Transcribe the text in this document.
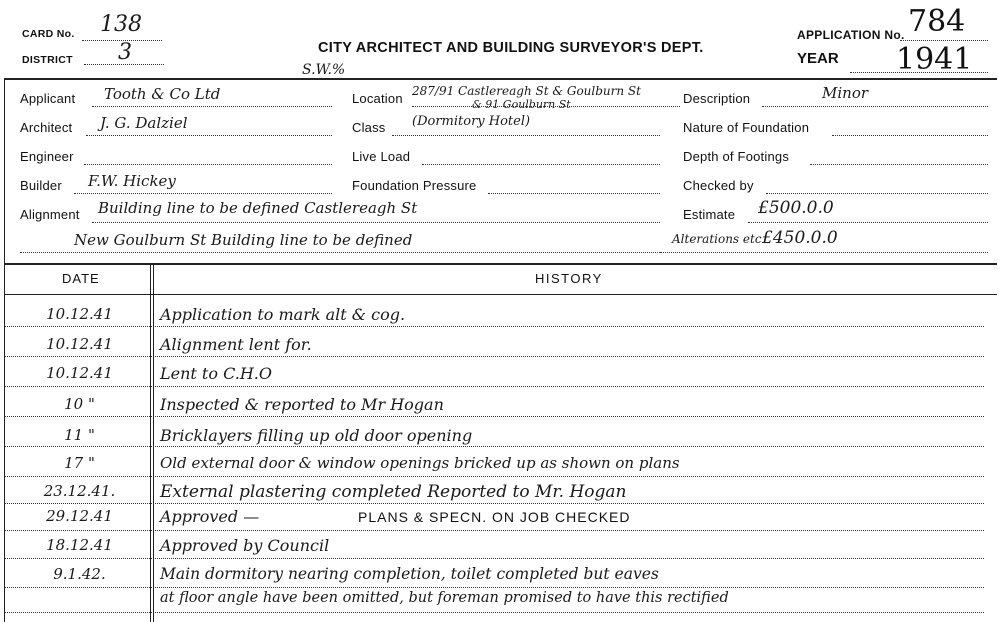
CARD No. 138
DISTRICT 3	CITY ARCHITECT AND BUILDING SURVEYOR'S DEPT.
S.W.%
APPLICATION No. 784
YEAR 1941
Applicant Tooth & Co Ltd
Architect J. G. Dalziel
Engineer
Builder F.W. Hickey
Alignment Building line to be defined Castlereagh St
New Goulburn St Building line to be defined
Location 287/91 Castlereagh St & Goulburn St
& 91 Goulburn St
Class (Dormitory Hotel)
Live Load
Foundation Pressure
Description	Minor
Nature of Foundation
Depth of Footings
Checked by
Estimate £500.0.0
Alterations etc £450.0.0
DATE	HISTORY
10.12.41	Application to mark alt & cog.
10.12.41	Alignment lent for.
10.12.41	Lent to C.H.O
10 "	Inspected & reported to Mr Hogan
11 "	Bricklayers filling up old door opening
17 "	Old external door & window openings bricked up as shown on plans
23.12.41.	External plastering completed Reported to Mr. Hogan
29.12.41	Approved —	PLANS & SPECN. ON JOB CHECKED
18.12.41	Approved by Council
9.1.42.	Main dormitory nearing completion, toilet completed but eaves
at floor angle have been omitted, but foreman promised to have this rectified
